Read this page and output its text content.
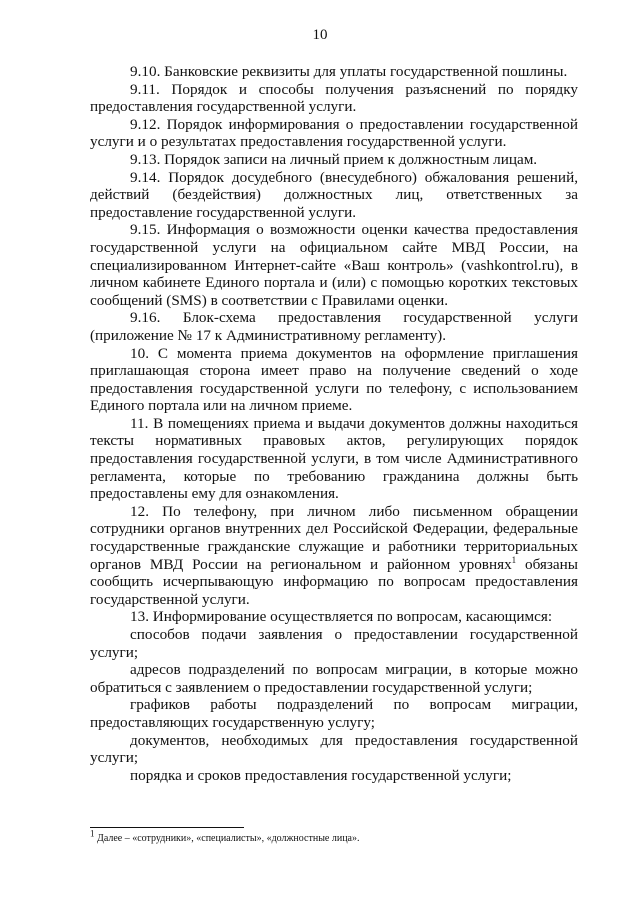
10

9.10. Банковские реквизиты для уплаты государственной пошлины.

9.11. Порядок и способы получения разъяснений по порядку предоставления государственной услуги.

9.12. Порядок информирования о предоставлении государственной услуги и о результатах предоставления государственной услуги.

9.13. Порядок записи на личный прием к должностным лицам.

9.14. Порядок досудебного (внесудебного) обжалования решений, действий (бездействия) должностных лиц, ответственных за предоставление государственной услуги.

9.15. Информация о возможности оценки качества предоставления государственной услуги на официальном сайте МВД России, на специализированном Интернет-сайте «Ваш контроль» (vashkontrol.ru), в личном кабинете Единого портала и (или) с помощью коротких текстовых сообщений (SMS) в соответствии с Правилами оценки.

9.16. Блок-схема предоставления государственной услуги (приложение № 17 к Административному регламенту).

10. С момента приема документов на оформление приглашения приглашающая сторона имеет право на получение сведений о ходе предоставления государственной услуги по телефону, с использованием Единого портала или на личном приеме.

11. В помещениях приема и выдачи документов должны находиться тексты нормативных правовых актов, регулирующих порядок предоставления государственной услуги, в том числе Административного регламента, которые по требованию гражданина должны быть предоставлены ему для ознакомления.

12. По телефону, при личном либо письменном обращении сотрудники органов внутренних дел Российской Федерации, федеральные государственные гражданские служащие и работники территориальных органов МВД России на региональном и районном уровнях$^1$ обязаны сообщить исчерпывающую информацию по вопросам предоставления государственной услуги.

13. Информирование осуществляется по вопросам, касающимся:

способов подачи заявления о предоставлении государственной услуги;

адресов подразделений по вопросам миграции, в которые можно обратиться с заявлением о предоставлении государственной услуги;

графиков работы подразделений по вопросам миграции, предоставляющих государственную услугу;

документов, необходимых для предоставления государственной услуги;

порядка и сроков предоставления государственной услуги;

$^1$ Далее – «сотрудники», «специалисты», «должностные лица».
